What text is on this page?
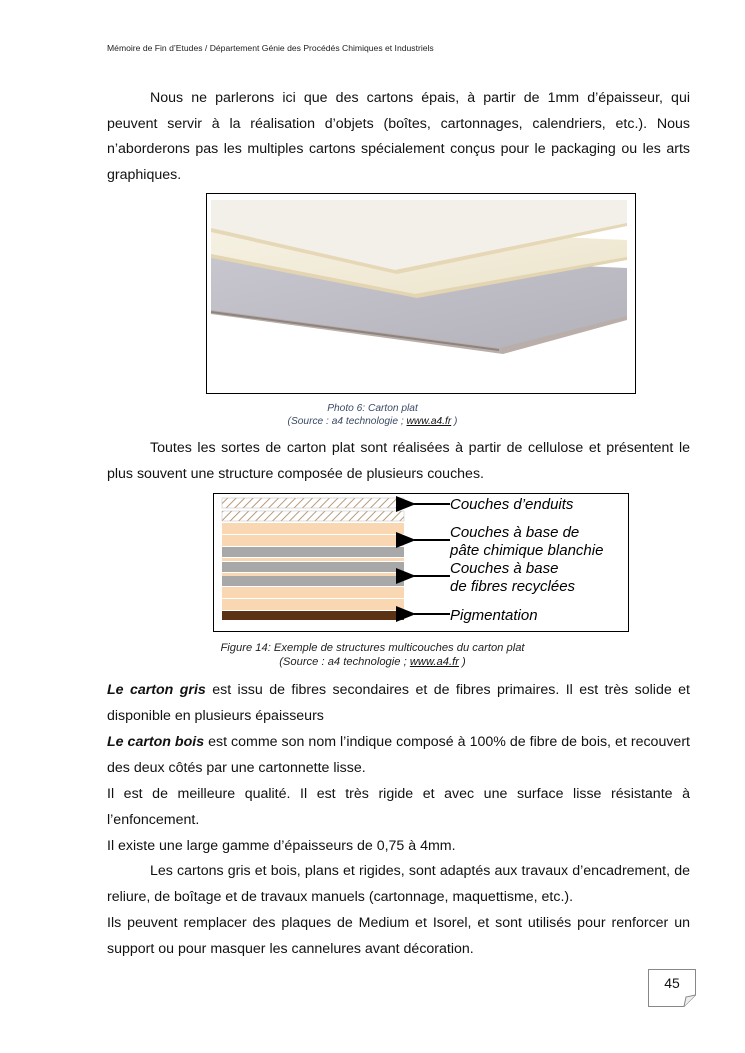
Mémoire de Fin d’Etudes / Département Génie des Procédés Chimiques et Industriels

Nous ne parlerons ici que des cartons épais, à partir de 1mm d’épaisseur, qui peuvent servir à la réalisation d’objets (boîtes, cartonnages, calendriers, etc.). Nous n’aborderons pas les multiples cartons spécialement conçus pour le packaging ou les arts graphiques.

Photo 6: Carton plat
(Source : a4 technologie ; www.a4.fr )

Toutes les sortes de carton plat sont réalisées à partir de cellulose et présentent le plus souvent une structure composée de plusieurs couches.

Couches d’enduits
Couches à base de
pâte chimique blanchie
Couches à base
de fibres recyclées
Pigmentation
Figure 14: Exemple de structures multicouches du carton plat
(Source : a4 technologie ; www.a4.fr )

Le carton gris est issu de fibres secondaires et de fibres primaires. Il est très solide et disponible en plusieurs épaisseurs

Le carton bois est comme son nom l’indique composé à 100% de fibre de bois, et recouvert des deux côtés par une cartonnette lisse.

Il est de meilleure qualité. Il est très rigide et avec une surface lisse résistante à l’enfoncement.

Il existe une large gamme d’épaisseurs de 0,75 à 4mm.

Les cartons gris et bois, plans et rigides, sont adaptés aux travaux d’encadrement, de reliure, de boîtage et de travaux manuels (cartonnage, maquettisme, etc.).

Ils peuvent remplacer des plaques de Medium et Isorel, et sont utilisés pour renforcer un support ou pour masquer les cannelures avant décoration.

45
